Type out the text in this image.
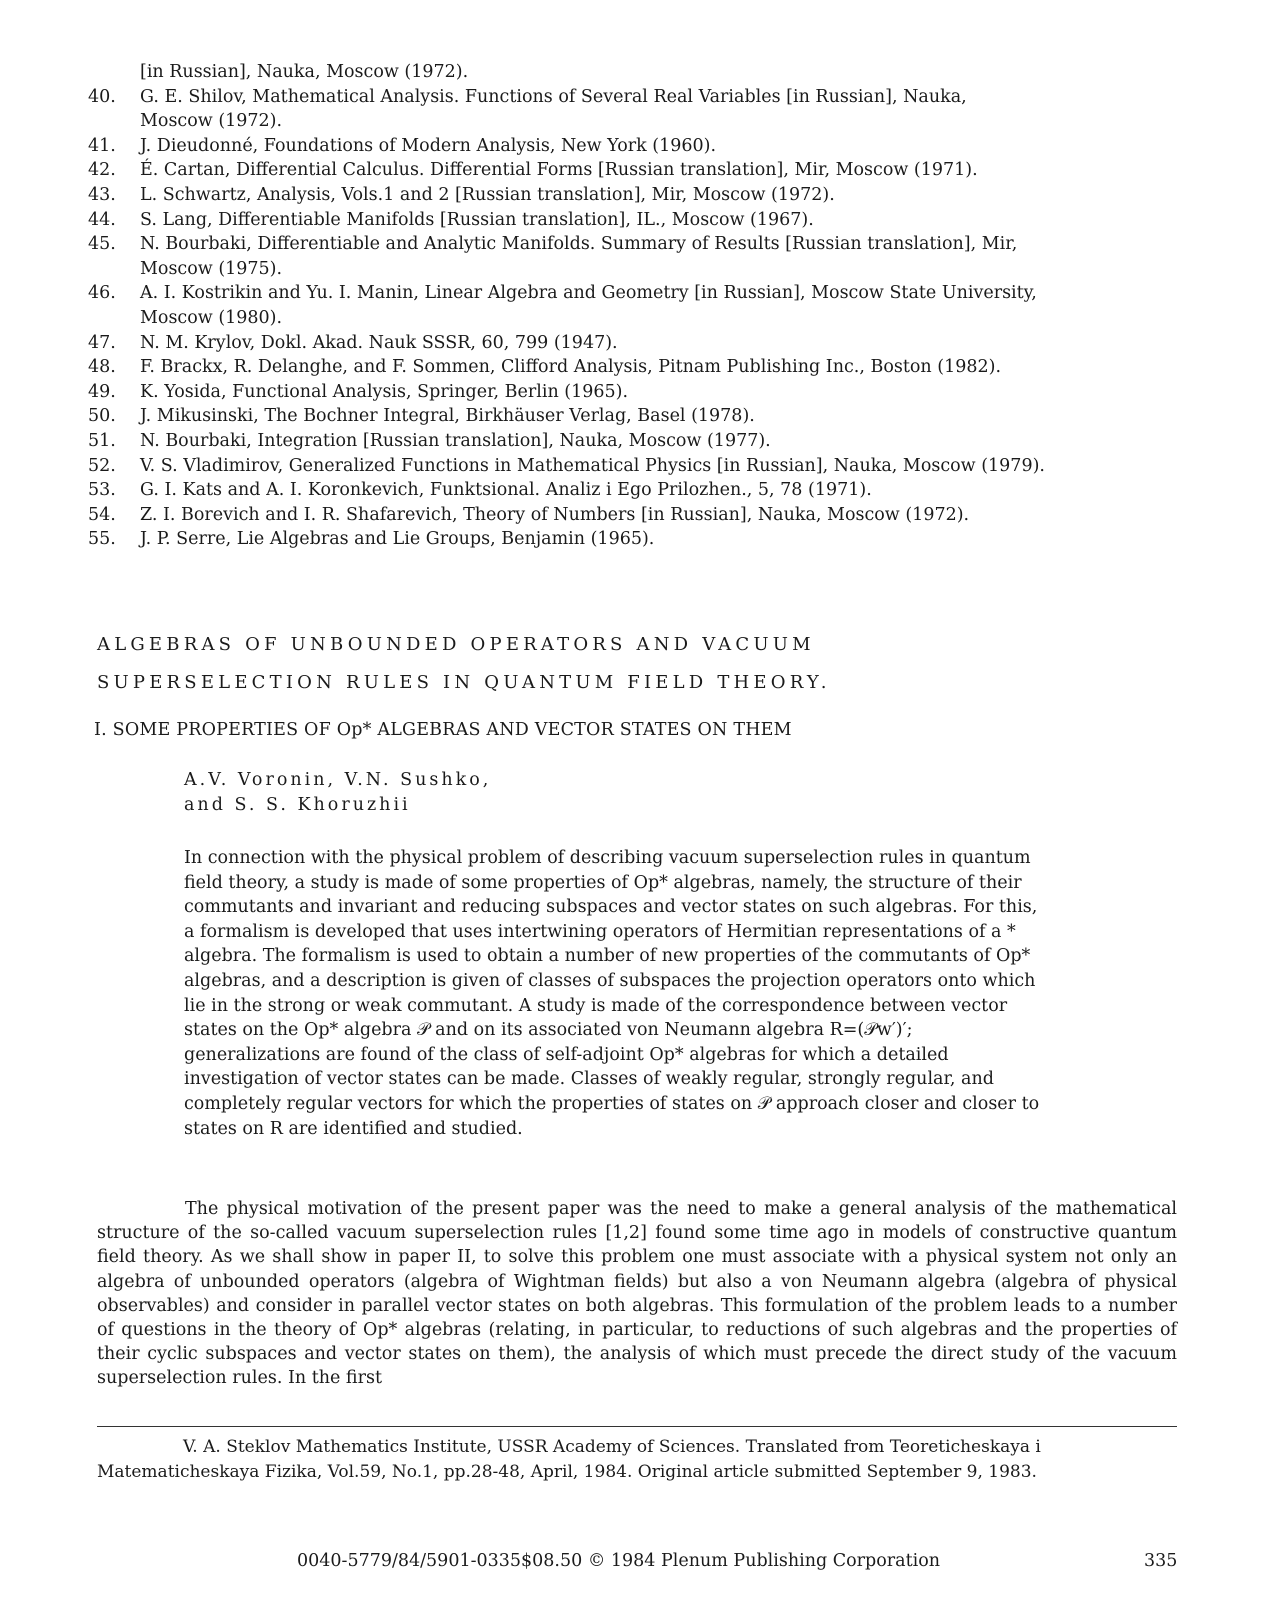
[in Russian], Nauka, Moscow (1972).
40.	G. E. Shilov, Mathematical Analysis. Functions of Several Real Variables [in Russian], Nauka,
Moscow (1972).
41.	J. Dieudonné, Foundations of Modern Analysis, New York (1960).
42.	É. Cartan, Differential Calculus. Differential Forms [Russian translation], Mir, Moscow (1971).
43.	L. Schwartz, Analysis, Vols.1 and 2 [Russian translation], Mir, Moscow (1972).
44.	S. Lang, Differentiable Manifolds [Russian translation], IL., Moscow (1967).
45.	N. Bourbaki, Differentiable and Analytic Manifolds. Summary of Results [Russian translation], Mir,
Moscow (1975).
46.	A. I. Kostrikin and Yu. I. Manin, Linear Algebra and Geometry [in Russian], Moscow State University,
Moscow (1980).
47.	N. M. Krylov, Dokl. Akad. Nauk SSSR, 60, 799 (1947).
48.	F. Brackx, R. Delanghe, and F. Sommen, Clifford Analysis, Pitnam Publishing Inc., Boston (1982).
49.	K. Yosida, Functional Analysis, Springer, Berlin (1965).
50.	J. Mikusinski, The Bochner Integral, Birkhäuser Verlag, Basel (1978).
51.	N. Bourbaki, Integration [Russian translation], Nauka, Moscow (1977).
52.	V. S. Vladimirov, Generalized Functions in Mathematical Physics [in Russian], Nauka, Moscow (1979).
53.	G. I. Kats and A. I. Koronkevich, Funktsional. Analiz i Ego Prilozhen., 5, 78 (1971).
54.	Z. I. Borevich and I. R. Shafarevich, Theory of Numbers [in Russian], Nauka, Moscow (1972).
55.	J. P. Serre, Lie Algebras and Lie Groups, Benjamin (1965).
ALGEBRAS OF UNBOUNDED OPERATORS AND VACUUM
SUPERSELECTION RULES IN QUANTUM FIELD THEORY.
I. SOME PROPERTIES OF Op* ALGEBRAS AND VECTOR STATES ON THEM
A.V. Voronin, V.N. Sushko,
and S. S. Khoruzhii
In connection with the physical problem of describing vacuum superselection rules in quantum field theory, a study is made of some properties of Op* algebras, namely, the structure of their commutants and invariant and reducing subspaces and vector states on such algebras. For this, a formalism is developed that uses intertwining operators of Hermitian representations of a * algebra. The formalism is used to obtain a number of new properties of the commutants of Op* algebras, and a description is given of classes of subspaces the projection operators onto which lie in the strong or weak commutant. A study is made of the correspondence between vector states on the Op* algebra 𝒫 and on its associated von Neumann algebra R=(𝒫w′)′; generalizations are found of the class of self-adjoint Op* algebras for which a detailed investigation of vector states can be made. Classes of weakly regular, strongly regular, and completely regular vectors for which the properties of states on 𝒫 approach closer and closer to states on R are identified and studied.
The physical motivation of the present paper was the need to make a general analysis of the mathematical structure of the so-called vacuum superselection rules [1,2] found some time ago in models of constructive quantum field theory. As we shall show in paper II, to solve this problem one must associate with a physical system not only an algebra of unbounded operators (algebra of Wightman fields) but also a von Neumann algebra (algebra of physical observables) and consider in parallel vector states on both algebras. This formulation of the problem leads to a number of questions in the theory of Op* algebras (relating, in particular, to reductions of such algebras and the properties of their cyclic subspaces and vector states on them), the analysis of which must precede the direct study of the vacuum superselection rules. In the first
V. A. Steklov Mathematics Institute, USSR Academy of Sciences. Translated from Teoreticheskaya i Matematicheskaya Fizika, Vol.59, No.1, pp.28-48, April, 1984. Original article submitted September 9, 1983.
0040-5779/84/5901-0335$08.50 © 1984 Plenum Publishing Corporation	335
